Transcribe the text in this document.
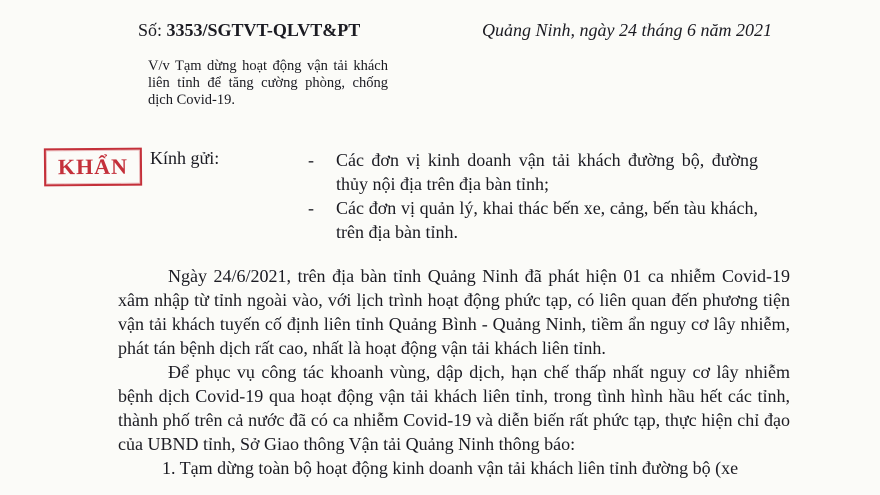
Số: 3353/SGTVT-QLVT&PT	Quảng Ninh, ngày 24 tháng 6 năm 2021
V/v Tạm dừng hoạt động vận tải khách liên tỉnh để tăng cường phòng, chống dịch Covid-19.
KHẨN	Kính gửi:	- Các đơn vị kinh doanh vận tải khách đường bộ, đường thủy nội địa trên địa bàn tỉnh;
- Các đơn vị quản lý, khai thác bến xe, cảng, bến tàu khách, trên địa bàn tỉnh.

Ngày 24/6/2021, trên địa bàn tỉnh Quảng Ninh đã phát hiện 01 ca nhiễm Covid-19 xâm nhập từ tỉnh ngoài vào, với lịch trình hoạt động phức tạp, có liên quan đến phương tiện vận tải khách tuyến cố định liên tỉnh Quảng Bình - Quảng Ninh, tiềm ẩn nguy cơ lây nhiễm, phát tán bệnh dịch rất cao, nhất là hoạt động vận tải khách liên tỉnh.

Để phục vụ công tác khoanh vùng, dập dịch, hạn chế thấp nhất nguy cơ lây nhiễm bệnh dịch Covid-19 qua hoạt động vận tải khách liên tỉnh, trong tình hình hầu hết các tỉnh, thành phố trên cả nước đã có ca nhiễm Covid-19 và diễn biến rất phức tạp, thực hiện chỉ đạo của UBND tỉnh, Sở Giao thông Vận tải Quảng Ninh thông báo:

1. Tạm dừng toàn bộ hoạt động kinh doanh vận tải khách liên tỉnh đường bộ (xe
